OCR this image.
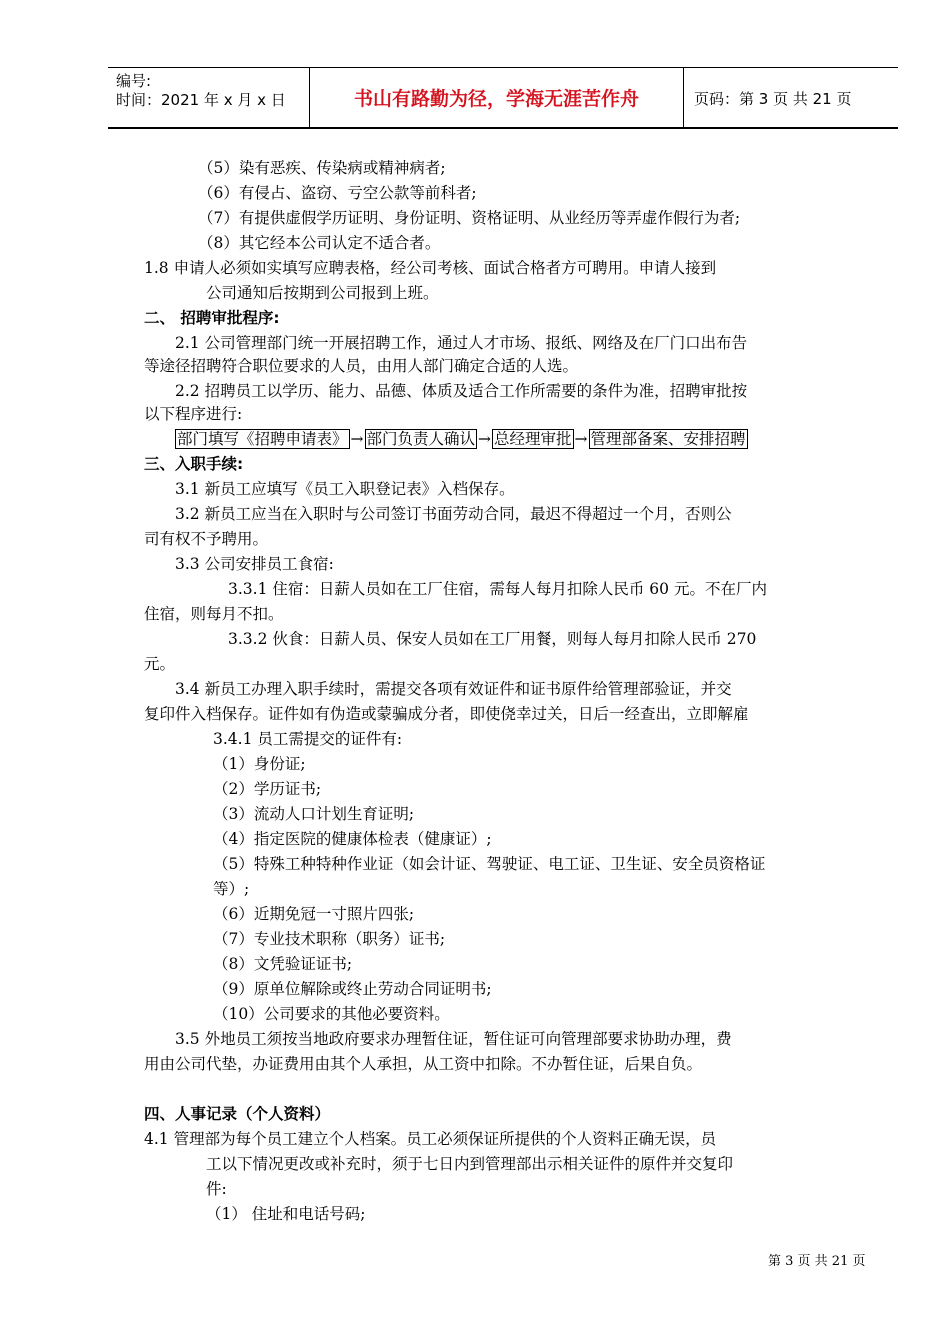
编号:
时间：2021 年 x 月 x 日	书山有路勤为径，学海无涯苦作舟	页码：第 3 页 共 21 页
（5）染有恶疾、传染病或精神病者;
（6）有侵占、盗窃、亏空公款等前科者;
（7）有提供虚假学历证明、身份证明、资格证明、从业经历等弄虚作假行为者;
（8）其它经本公司认定不适合者。
1.8 申请人必须如实填写应聘表格，经公司考核、面试合格者方可聘用。申请人接到
公司通知后按期到公司报到上班。
二、 招聘审批程序:
2.1 公司管理部门统一开展招聘工作，通过人才市场、报纸、网络及在厂门口出布告
等途径招聘符合职位要求的人员，由用人部门确定合适的人选。
2.2 招聘员工以学历、能力、品德、体质及适合工作所需要的条件为准，招聘审批按
以下程序进行:
部门填写《招聘申请表》 → 部门负责人确认 → 总经理审批 → 管理部备案、安排招聘
三、入职手续:
3.1 新员工应填写《员工入职登记表》入档保存。
3.2 新员工应当在入职时与公司签订书面劳动合同，最迟不得超过一个月，否则公
司有权不予聘用。
3.3 公司安排员工食宿:
3.3.1 住宿：日薪人员如在工厂住宿，需每人每月扣除人民币 60 元。不在厂内
住宿，则每月不扣。
3.3.2 伙食：日薪人员、保安人员如在工厂用餐，则每人每月扣除人民币 270
元。
3.4 新员工办理入职手续时，需提交各项有效证件和证书原件给管理部验证，并交
复印件入档保存。证件如有伪造或蒙骗成分者，即使侥幸过关，日后一经查出，立即解雇
3.4.1 员工需提交的证件有:
（1）身份证;
（2）学历证书;
（3）流动人口计划生育证明;
（4）指定医院的健康体检表（健康证）;
（5）特殊工种特种作业证（如会计证、驾驶证、电工证、卫生证、安全员资格证
等）;
（6）近期免冠一寸照片四张;
（7）专业技术职称（职务）证书;
（8）文凭验证证书;
（9）原单位解除或终止劳动合同证明书;
（10）公司要求的其他必要资料。
3.5 外地员工须按当地政府要求办理暂住证，暂住证可向管理部要求协助办理，费
用由公司代垫，办证费用由其个人承担，从工资中扣除。不办暂住证，后果自负。
四、人事记录（个人资料）
4.1 管理部为每个员工建立个人档案。员工必须保证所提供的个人资料正确无误，员
工以下情况更改或补充时，须于七日内到管理部出示相关证件的原件并交复印
件:
（1） 住址和电话号码;
第 3 页 共 21 页
